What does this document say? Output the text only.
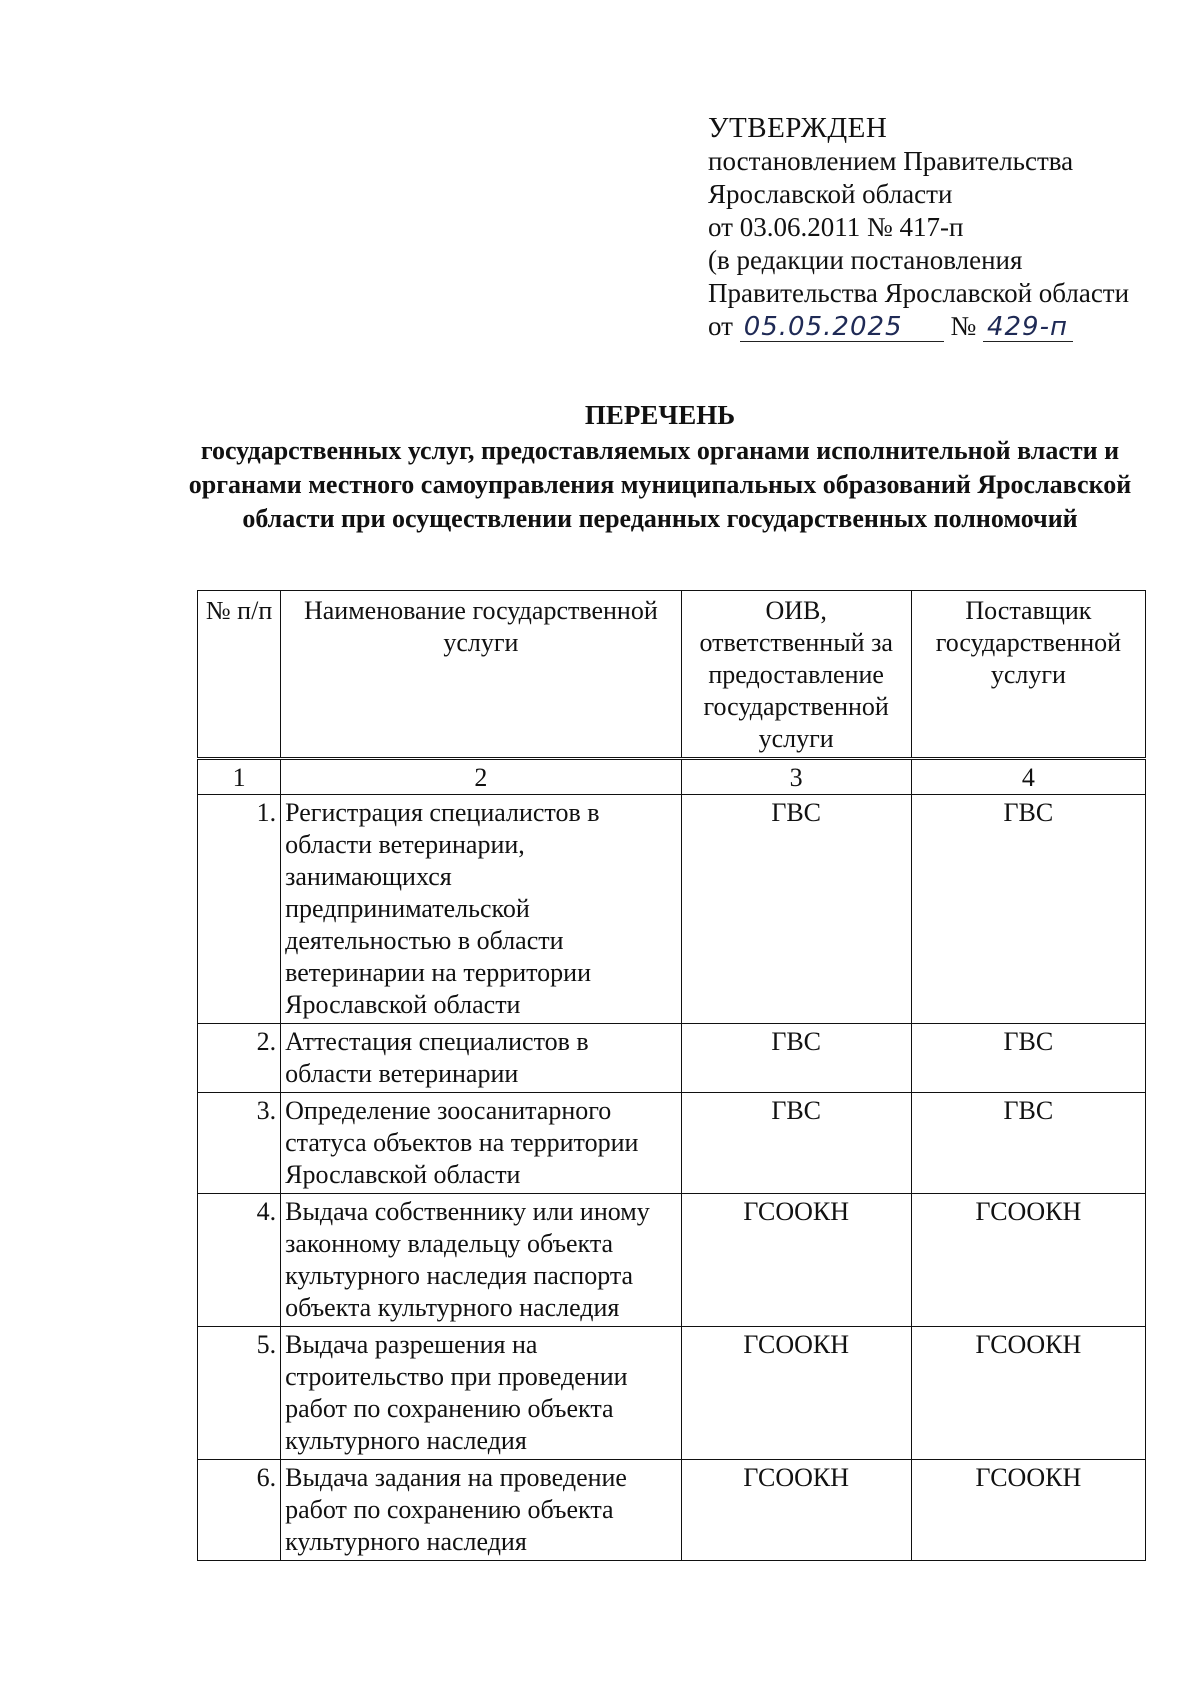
УТВЕРЖДЕН
постановлением Правительства
Ярославской области
от 03.06.2011 № 417-п
(в редакции постановления
Правительства Ярославской области
от 05.05.2025 № 429-п
ПЕРЕЧЕНЬ
государственных услуг, предоставляемых органами исполнительной власти и органами местного самоуправления муниципальных образований Ярославской области при осуществлении переданных государственных полномочий
№ п/п	Наименование государственной услуги	ОИВ, ответственный за предоставление государственной услуги	Поставщик государственной услуги
1	2	3	4
1.	Регистрация специалистов в области ветеринарии, занимающихся предпринимательской деятельностью в области ветеринарии на территории Ярославской области	ГВС	ГВС
2.	Аттестация специалистов в области ветеринарии	ГВС	ГВС
3.	Определение зоосанитарного статуса объектов на территории Ярославской области	ГВС	ГВС
4.	Выдача собственнику или иному законному владельцу объекта культурного наследия паспорта объекта культурного наследия	ГСООКН	ГСООКН
5.	Выдача разрешения на строительство при проведении работ по сохранению объекта культурного наследия	ГСООКН	ГСООКН
6.	Выдача задания на проведение работ по сохранению объекта культурного наследия	ГСООКН	ГСООКН
